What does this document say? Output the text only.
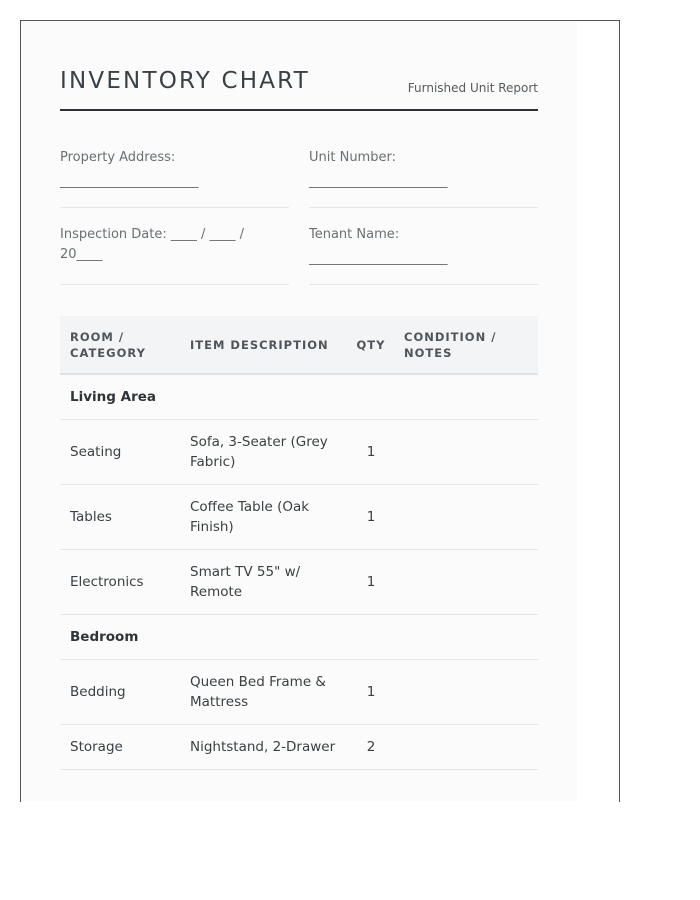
INVENTORY CHART	Furnished Unit Report
Property Address:
_______________________
Unit Number:
_______________________
Inspection Date: ____ / ____ / 20____
Tenant Name:
_______________________
ROOM / CATEGORY	ITEM DESCRIPTION	QTY	CONDITION / NOTES
Living Area			
Seating	Sofa, 3-Seater (Grey Fabric)	1	
Tables	Coffee Table (Oak Finish)	1	
Electronics	Smart TV 55" w/ Remote	1	
Bedroom			
Bedding	Queen Bed Frame & Mattress	1	
Storage	Nightstand, 2-Drawer	2	
